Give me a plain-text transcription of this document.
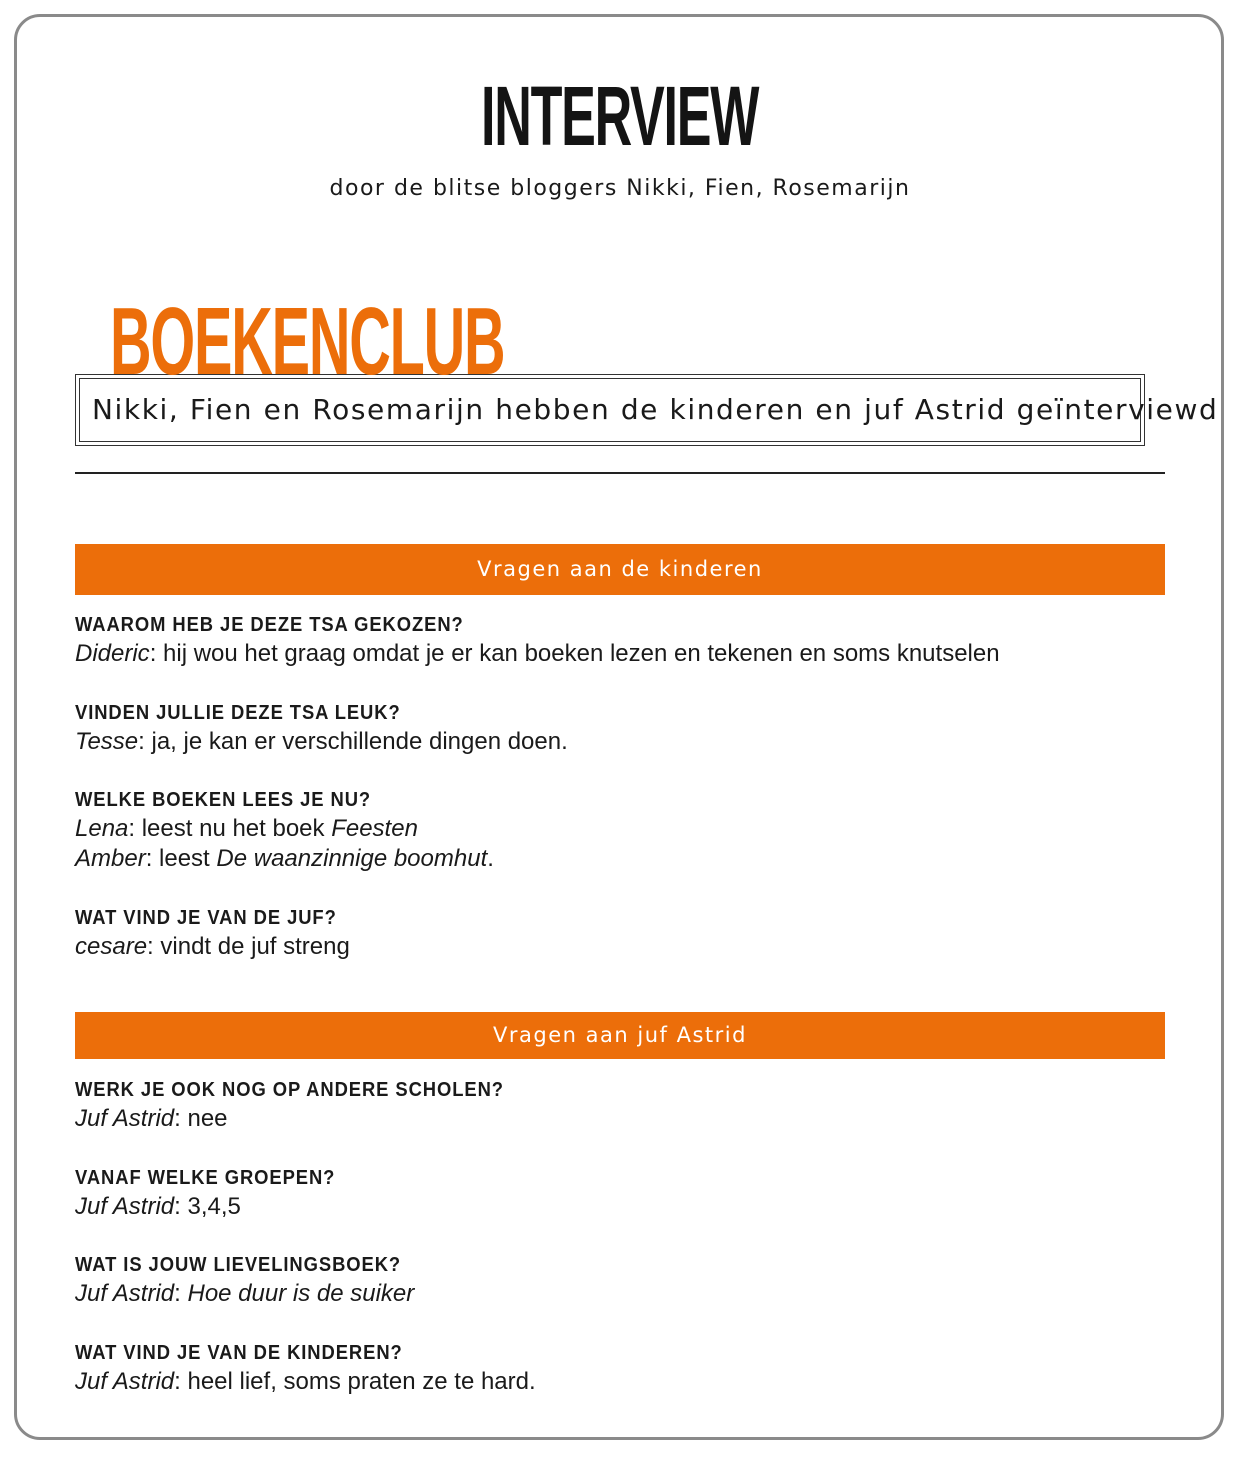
INTERVIEW
door de blitse bloggers Nikki, Fien, Rosemarijn
BOEKENCLUB
Nikki, Fien en Rosemarijn hebben de kinderen en juf Astrid geïnterviewd
Vragen aan de kinderen
WAAROM HEB JE DEZE TSA GEKOZEN?
Dideric: hij wou het graag omdat je er kan boeken lezen en tekenen en soms knutselen
VINDEN JULLIE DEZE TSA LEUK?
Tesse: ja, je kan er verschillende dingen doen.
WELKE BOEKEN LEES JE NU?
Lena: leest nu het boek Feesten
Amber: leest De waanzinnige boomhut.
WAT VIND JE VAN DE JUF?
cesare: vindt de juf streng
Vragen aan juf Astrid
WERK JE OOK NOG OP ANDERE SCHOLEN?
Juf Astrid: nee
VANAF WELKE GROEPEN?
Juf Astrid: 3,4,5
WAT IS JOUW LIEVELINGSBOEK?
Juf Astrid: Hoe duur is de suiker
WAT VIND JE VAN DE KINDEREN?
Juf Astrid: heel lief, soms praten ze te hard.
